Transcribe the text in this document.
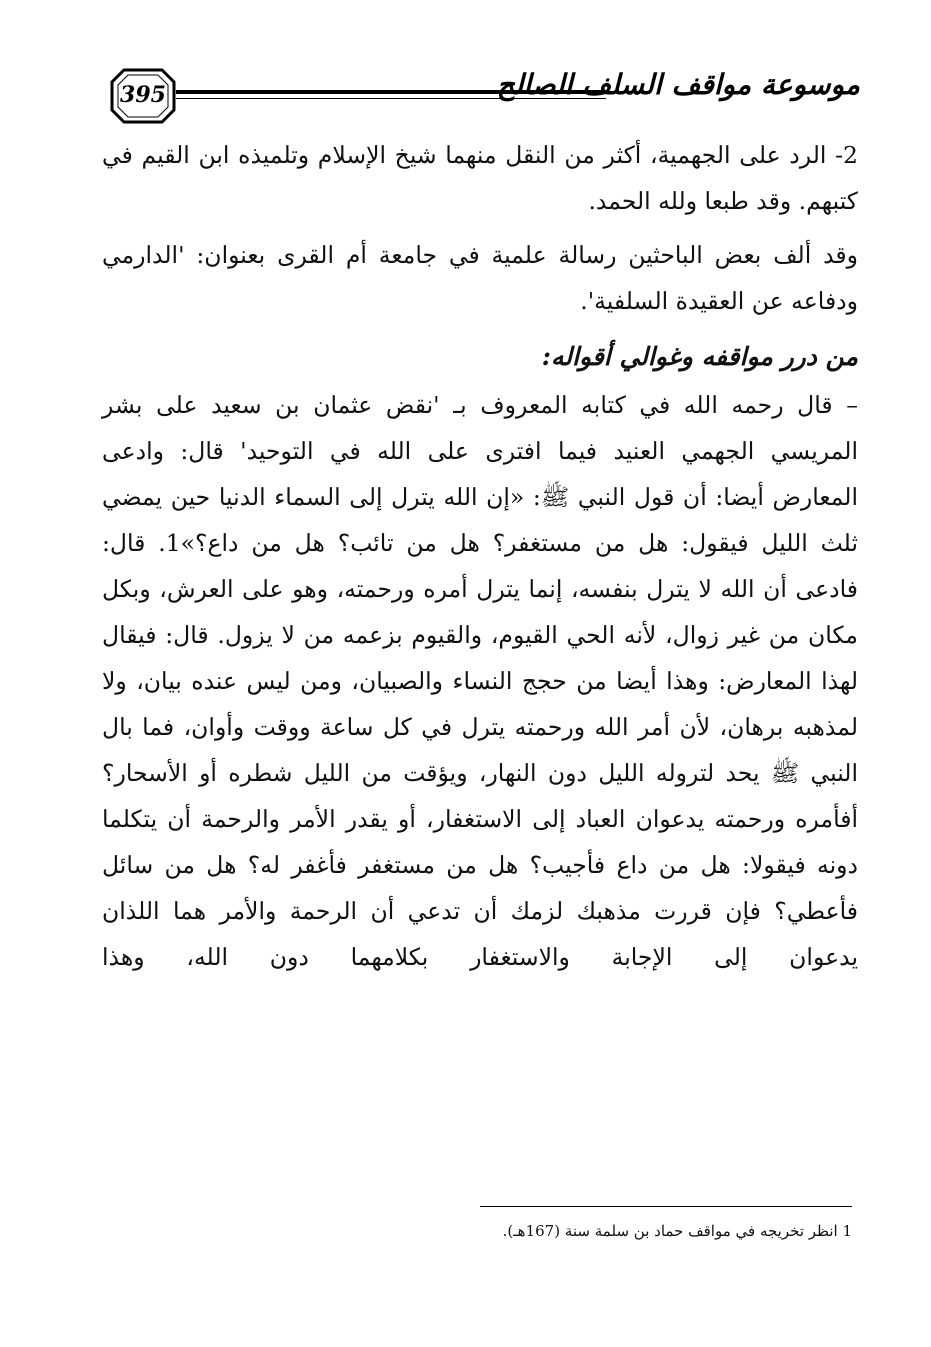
395	موسوعة مواقف السلف الصالح

2- الرد على الجهمية، أكثر من النقل منهما شيخ الإسلام وتلميذه ابن القيم في كتبهم. وقد طبعا ولله الحمد.

وقد ألف بعض الباحثين رسالة علمية في جامعة أم القرى بعنوان: 'الدارمي ودفاعه عن العقيدة السلفية'.

من درر مواقفه وغوالي أقواله:

– قال رحمه الله في كتابه المعروف بـ 'نقض عثمان بن سعيد على بشر المريسي الجهمي العنيد فيما افترى على الله في التوحيد' قال: وادعى المعارض أيضا: أن قول النبي ﷺ: «إن الله يترل إلى السماء الدنيا حين يمضي ثلث الليل فيقول: هل من مستغفر؟ هل من تائب؟ هل من داع؟»1. قال: فادعى أن الله لا يترل بنفسه، إنما يترل أمره ورحمته، وهو على العرش، وبكل مكان من غير زوال، لأنه الحي القيوم، والقيوم بزعمه من لا يزول. قال: فيقال لهذا المعارض: وهذا أيضا من حجج النساء والصبيان، ومن ليس عنده بيان، ولا لمذهبه برهان، لأن أمر الله ورحمته يترل في كل ساعة ووقت وأوان، فما بال النبي ﷺ يحد لتروله الليل دون النهار، ويؤقت من الليل شطره أو الأسحار؟ أفأمره ورحمته يدعوان العباد إلى الاستغفار، أو يقدر الأمر والرحمة أن يتكلما دونه فيقولا: هل من داع فأجيب؟ هل من مستغفر فأغفر له؟ هل من سائل فأعطي؟ فإن قررت مذهبك لزمك أن تدعي أن الرحمة والأمر هما اللذان يدعوان إلى الإجابة والاستغفار بكلامهما دون الله، وهذا

1 انظر تخريجه في مواقف حماد بن سلمة سنة (167هـ).
